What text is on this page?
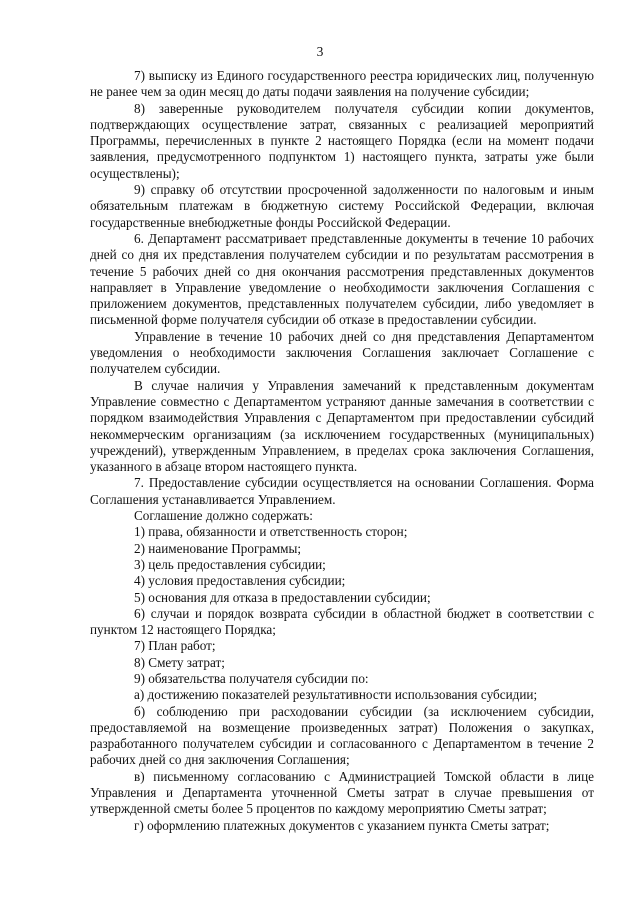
3

7) выписку из Единого государственного реестра юридических лиц, полученную не ранее чем за один месяц до даты подачи заявления на получение субсидии;

8) заверенные руководителем получателя субсидии копии документов, подтверждающих осуществление затрат, связанных с реализацией мероприятий Программы, перечисленных в пункте 2 настоящего Порядка (если на момент подачи заявления, предусмотренного подпунктом 1) настоящего пункта, затраты уже были осуществлены);

9) справку об отсутствии просроченной задолженности по налоговым и иным обязательным платежам в бюджетную систему Российской Федерации, включая государственные внебюджетные фонды Российской Федерации.

6. Департамент рассматривает представленные документы в течение 10 рабочих дней со дня их представления получателем субсидии и по результатам рассмотрения в течение 5 рабочих дней со дня окончания рассмотрения представленных документов направляет в Управление уведомление о необходимости заключения Соглашения с приложением документов, представленных получателем субсидии, либо уведомляет в письменной форме получателя субсидии об отказе в предоставлении субсидии.

Управление в течение 10 рабочих дней со дня представления Департаментом уведомления о необходимости заключения Соглашения заключает Соглашение с получателем субсидии.

В случае наличия у Управления замечаний к представленным документам Управление совместно с Департаментом устраняют данные замечания в соответствии с порядком взаимодействия Управления с Департаментом при предоставлении субсидий некоммерческим организациям (за исключением государственных (муниципальных) учреждений), утвержденным Управлением, в пределах срока заключения Соглашения, указанного в абзаце втором настоящего пункта.

7. Предоставление субсидии осуществляется на основании Соглашения. Форма Соглашения устанавливается Управлением.

Соглашение должно содержать:

1) права, обязанности и ответственность сторон;

2) наименование Программы;

3) цель предоставления субсидии;

4) условия предоставления субсидии;

5) основания для отказа в предоставлении субсидии;

6) случаи и порядок возврата субсидии в областной бюджет в соответствии с пунктом 12 настоящего Порядка;

7) План работ;

8) Смету затрат;

9) обязательства получателя субсидии по:

а) достижению показателей результативности использования субсидии;

б) соблюдению при расходовании субсидии (за исключением субсидии, предоставляемой на возмещение произведенных затрат) Положения о закупках, разработанного получателем субсидии и согласованного с Департаментом в течение 2 рабочих дней со дня заключения Соглашения;

в) письменному согласованию с Администрацией Томской области в лице Управления и Департамента уточненной Сметы затрат в случае превышения от утвержденной сметы более 5 процентов по каждому мероприятию Сметы затрат;

г) оформлению платежных документов с указанием пункта Сметы затрат;
